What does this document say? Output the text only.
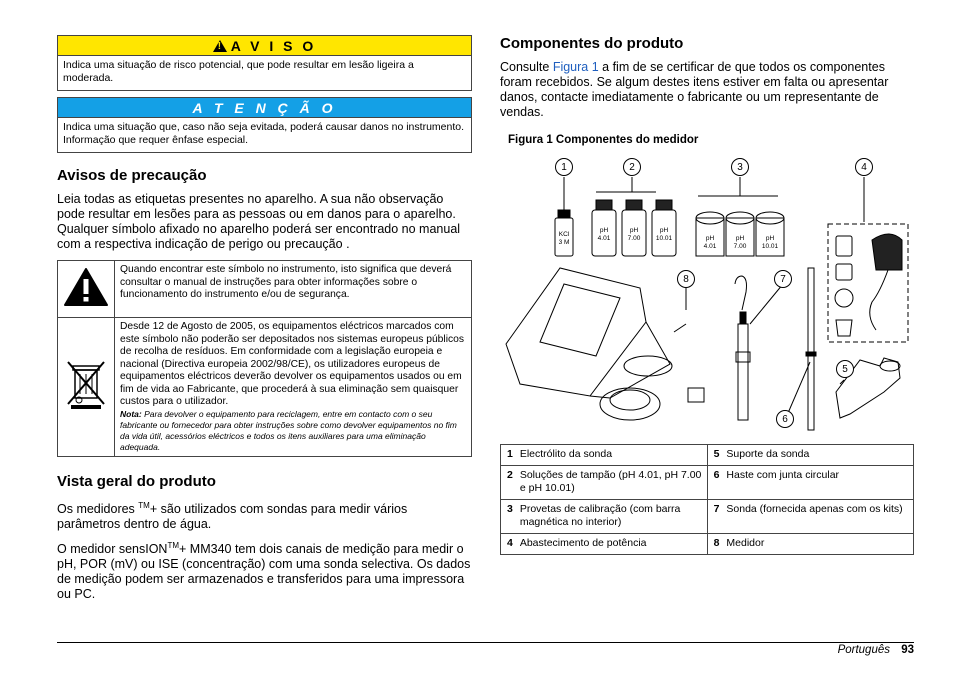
!
A V I S O
Indica uma situação de risco potencial, que pode resultar em lesão ligeira a moderada.
A T E N Ç Ã O
Indica uma situação que, caso não seja evitada, poderá causar danos no instrumento. Informação que requer ênfase especial.
Avisos de precaução

Leia todas as etiquetas presentes no aparelho. A sua não observação pode resultar em lesões para as pessoas ou em danos para o aparelho. Qualquer símbolo afixado no aparelho poderá ser encontrado no manual com a respectiva indicação de perigo ou precaução .

	Quando encontrar este símbolo no instrumento, isto significa que deverá consultar o manual de instruções para obter informações sobre o funcionamento do instrumento e/ou de segurança.
	Desde 12 de Agosto de 2005, os equipamentos eléctricos marcados com este símbolo não poderão ser depositados nos sistemas europeus públicos de recolha de resíduos. Em conformidade com a legislação europeia e nacional (Directiva europeia 2002/98/CE), os utilizadores europeus de equipamentos eléctricos deverão devolver os equipamentos usados ou em fim de vida ao Fabricante, que procederá à sua eliminação sem quaisquer custos para o utilizador.
Nota: Para devolver o equipamento para reciclagem, entre em contacto com o seu fabricante ou fornecedor para obter instruções sobre como devolver equipamentos no fim da vida útil, acessórios eléctricos e todos os itens auxiliares para uma eliminação adequada.
Vista geral do produto

Os medidores ™+ são utilizados com sondas para medir vários parâmetros dentro de água.

O medidor sensION™+ MM340 tem dois canais de medição para medir o pH, POR (mV) ou ISE (concentração) com uma sonda selectiva. Os dados de medição podem ser armazenados e transferidos para uma impressora ou PC.

Componentes do produto

Consulte Figura 1 a fim de se certificar de que todos os componentes foram recebidos. Se algum destes itens estiver em falta ou apresentar danos, contacte imediatamente o fabricante ou um representante de vendas.

Figura 1 Componentes do medidor
KCl
3 M
pH
4.01
pH
7.00
pH
10.01	pH
4.01
pH
7.00
pH
10.01
1	2	3	4
5
6
7
8
1	Electrólito da sonda	5	Suporte da sonda
2	Soluções de tampão (pH 4.01, pH 7.00 e pH 10.01)	6	Haste com junta circular
3	Provetas de calibração (com barra magnética no interior)	7	Sonda (fornecida apenas com os kits)
4	Abastecimento de potência	8	Medidor
Português 93
